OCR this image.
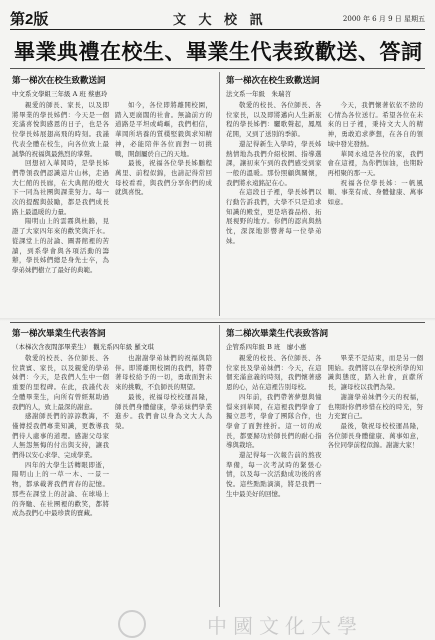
第2版	文 大 校 訊	2000 年 6 月 9 日 星期五
畢業典禮在校生、畢業生代表致歡送、答詞
第一梯次在校生致歡送詞
中文系文學組三年級 A 班 蔡惠玲

親愛的師長、家長，以及即將畢業的學長姊們：今天是一個充滿喜悅與感恩的日子，也是各位學長姊展翅高飛的時刻。我謹代表全體在校生，向各位致上最誠摯的祝福與最熱烈的掌聲。

回想初入華岡時，是學長姊們帶領我們認識這片山林，走過大仁館的長廊，在大典館的燈火下一同為社團與課業努力。每一次的提醒與鼓勵，都是我們成長路上最溫暖的力量。

陽明山上的雲霧與杜鵑，見證了大家四年來的歡笑與汗水。從課堂上的討論、圖書館裡的苦讀，到系學會與各項活動的籌辦，學長姊們總是身先士卒，為學弟妹們樹立了最好的典範。

如今，各位即將離開校園，踏入更廣闊的社會。無論前方的道路是平坦或崎嶇，我們相信，華岡所培養的質樸堅毅與求知精神，必能陪伴各位面對一切挑戰，開創屬於自己的天地。

最後，祝福各位學長姊鵬程萬里、前程似錦，也請記得常回母校看看，與我們分享你們的成就與喜悅。

第一梯次在校生致歡送詞
法文系一年級　朱瑞苕

敬愛的校長、各位師長、各位家長，以及即將邁向人生新旅程的學長姊們：驪歌聲起，鳳凰花開，又到了送別的季節。

還記得新生入學時，學長姊熱情地為我們介紹校園、指導選課，讓初來乍到的我們感受到家一般的溫暖。那份照顧與關懷，我們將永遠銘記在心。

在這段日子裡，學長姊們以行動告訴我們，大學不只是追求知識的殿堂，更是培養品格、拓展視野的地方。你們的認真與熱忱，深深地影響著每一位學弟妹。

今天，我們懷著依依不捨的心情為各位送行。希望各位在未來的日子裡，秉持文大人的精神，勇敢追求夢想，在各自的領域中發光發熱。

華岡永遠是各位的家，我們會在這裡，為你們加油，也期盼再相聚的那一天。

祝福各位學長姊：一帆風順、事業有成、身體健康、萬事如意。

第一梯次畢業生代表答詞
（本梯次含夜間部畢業生）　觀光系四年級 羅文琪

敬愛的校長、各位師長、各位貴賓、家長，以及親愛的學弟妹們：今天，是我們人生中一個重要的里程碑。在此，我謹代表全體畢業生，向所有曾經幫助過我們的人，致上最深的謝意。

感謝師長們的諄諄教誨，不僅傳授我們專業知識，更教導我們待人處事的道理。感謝父母家人無怨無悔的付出與支持，讓我們得以安心求學、完成學業。

四年的大學生活轉眼即逝，陽明山上的一草一木、一景一物，都承載著我們青春的記憶。那些在課堂上的討論、在球場上的奔馳、在社團裡的歡笑，都將成為我們心中最珍貴的寶藏。

也謝謝學弟妹們的祝福與陪伴。即將離開校園的我們，將帶著母校給予的一切，勇敢面對未來的挑戰，不負師長的期望。

最後，祝福母校校運昌隆，師長們身體健康，學弟妹們學業進步。我們會以身為文大人為榮。

第二梯次畢業生代表致答詞
企管系四年級 B 班　廖小惠

親愛的校長、各位師長、各位家長及學弟妹們：今天，在這個充滿意義的時刻，我們懷著感恩的心，站在這裡告別母校。

四年前，我們帶著夢想與憧憬來到華岡，在這裡我們學會了獨立思考，學會了團隊合作，也學會了面對挫折。這一切的成長，都要歸功於師長們的耐心指導與栽培。

還記得每一次報告前的熬夜準備，每一次考試時的緊張心情，以及每一次活動成功後的喜悅。這些點點滴滴，將是我們一生中最美好的回憶。

畢業不是結束，而是另一個開始。我們將以在學校所學的知識與態度，踏入社會，貢獻所長，讓母校以我們為榮。

謝謝學弟妹們今天的祝福，也期盼你們珍惜在校的時光，努力充實自己。

最後，敬祝母校校運昌隆，各位師長身體健康、萬事如意，各位同學前程似錦。謝謝大家！

中國文化大學
